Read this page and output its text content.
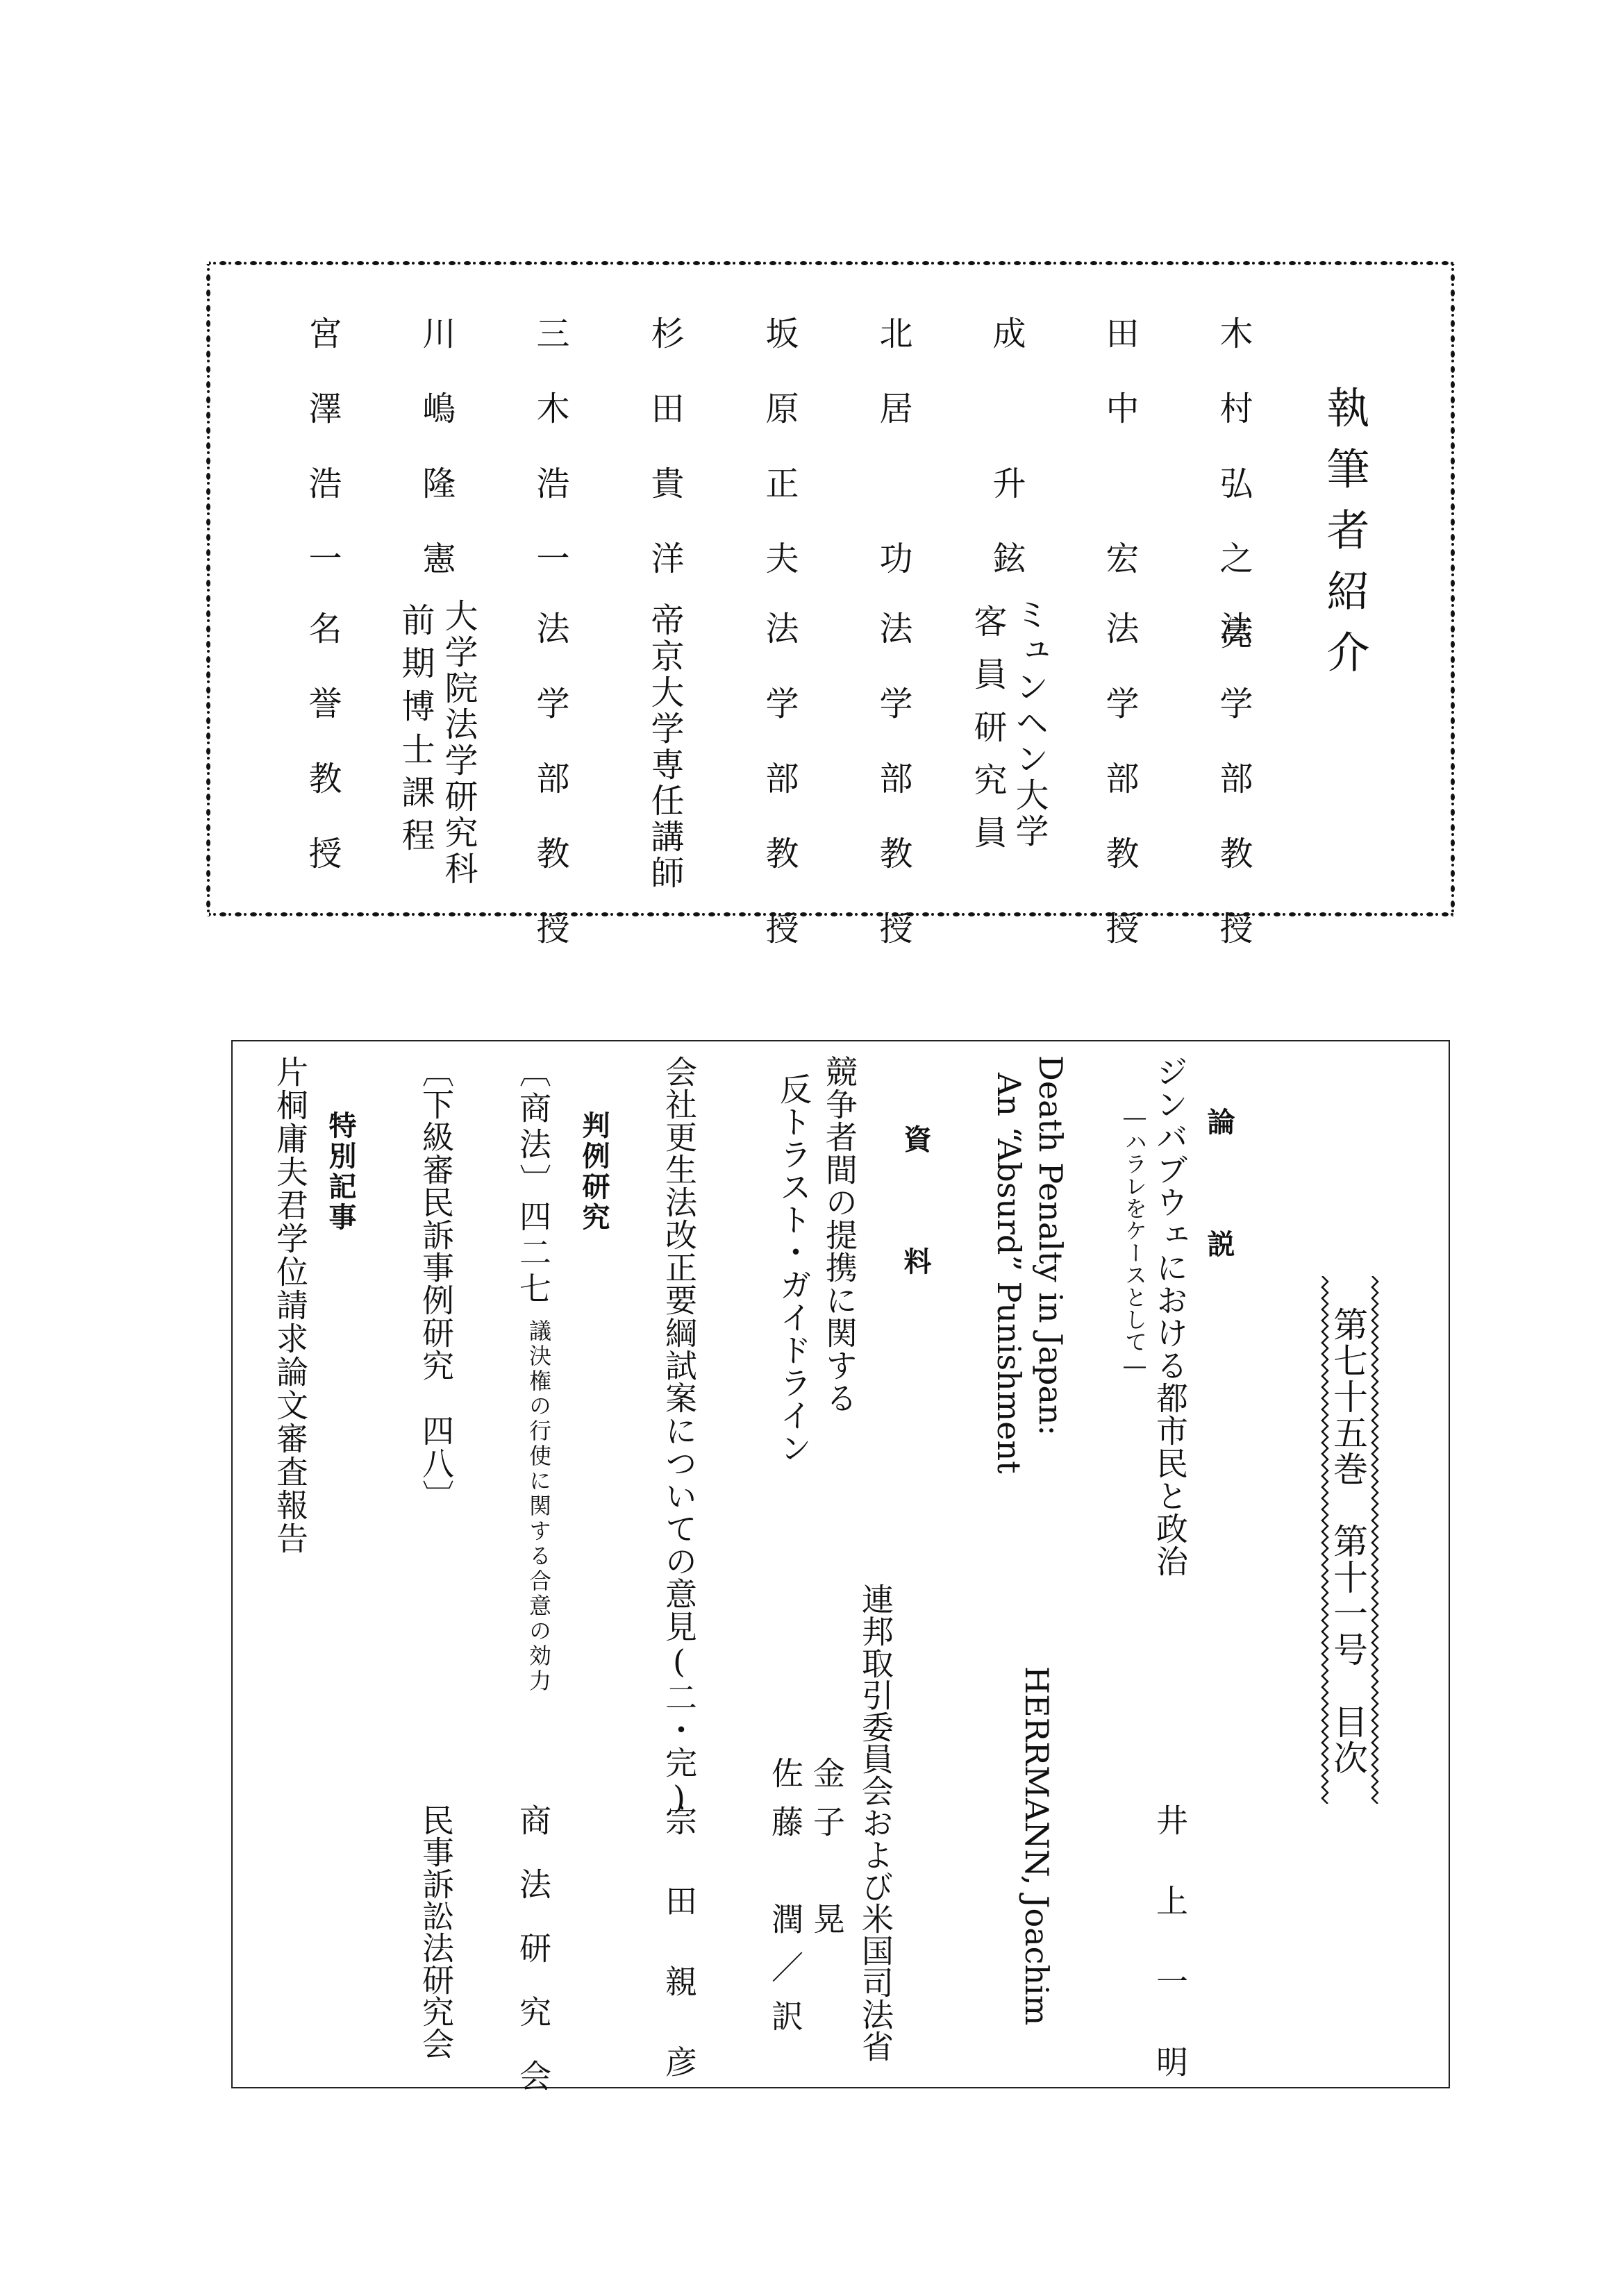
執筆者紹介
木村弘之亮
法学部教授
田中　宏
法学部教授
成　升鉉
ミュンヘン大学
客員研究員
北居　功
法学部教授
坂原正夫
法学部教授
杉田貴洋
帝京大学専任講師
三木浩一
法学部教授
川嶋隆憲
大学院法学研究科
前期博士課程
宮澤浩一
名誉教授
第七十五巻　第十一号　目次
論　説
ジンバブウェにおける都市民と政治
―ハラレをケースとして―
井上一明
Death Penalty in Japan:
An “Absurd” Punishment
HERRMANN, Joachim
資　料
競争者間の提携に関する
反トラスト・ガイドライン
連邦取引委員会および米国司法省
金子　晃
佐藤　潤／訳
会社更生法改正要綱試案についての意見(二・完)
宗田親彦
判例研究
〔商法〕四二七
議決権の行使に関する合意の効力
商法研究会
〔下級審民訴事例研究　四八〕
民事訴訟法研究会
特別記事
片桐庸夫君学位請求論文審査報告
